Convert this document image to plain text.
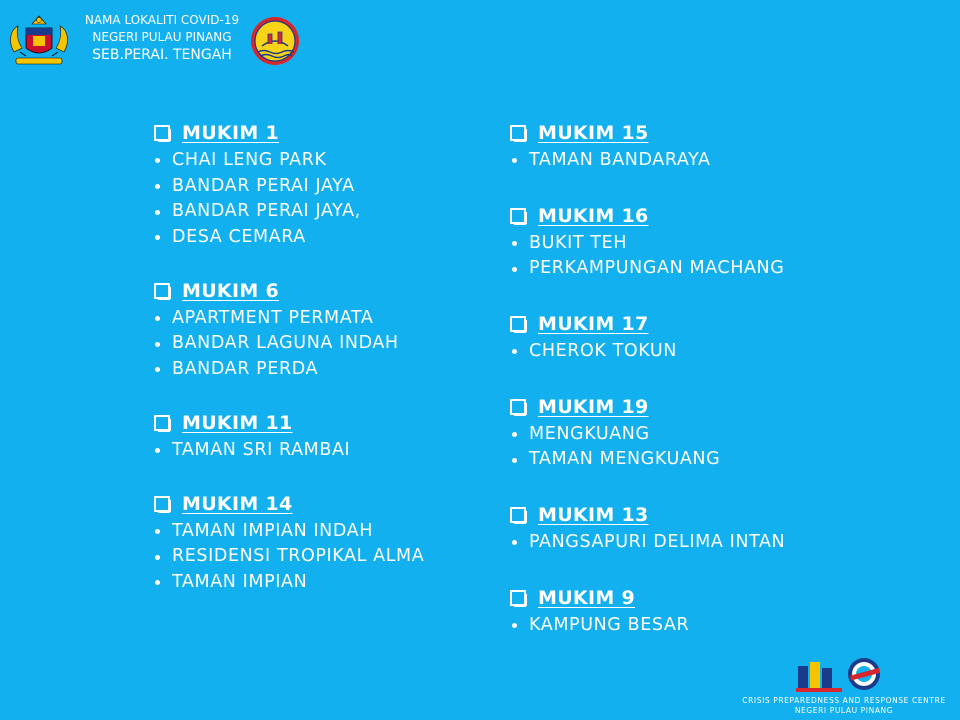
NAMA LOKALITI COVID-19
NEGERI PULAU PINANG
SEB.PERAI. TENGAH
MUKIM 1
CHAI LENG PARK
BANDAR PERAI JAYA
BANDAR PERAI JAYA,
DESA CEMARA
MUKIM 6
APARTMENT PERMATA
BANDAR LAGUNA INDAH
BANDAR PERDA
MUKIM 11
TAMAN SRI RAMBAI
MUKIM 14
TAMAN IMPIAN INDAH
RESIDENSI TROPIKAL ALMA
TAMAN IMPIAN
MUKIM 15
TAMAN BANDARAYA
MUKIM 16
BUKIT TEH
PERKAMPUNGAN MACHANG
MUKIM 17
CHEROK TOKUN
MUKIM 19
MENGKUANG
TAMAN MENGKUANG
MUKIM 13
PANGSAPURI DELIMA INTAN
MUKIM 9
KAMPUNG BESAR
CRISIS PREPAREDNESS AND RESPONSE CENTRE
NEGERI PULAU PINANG
